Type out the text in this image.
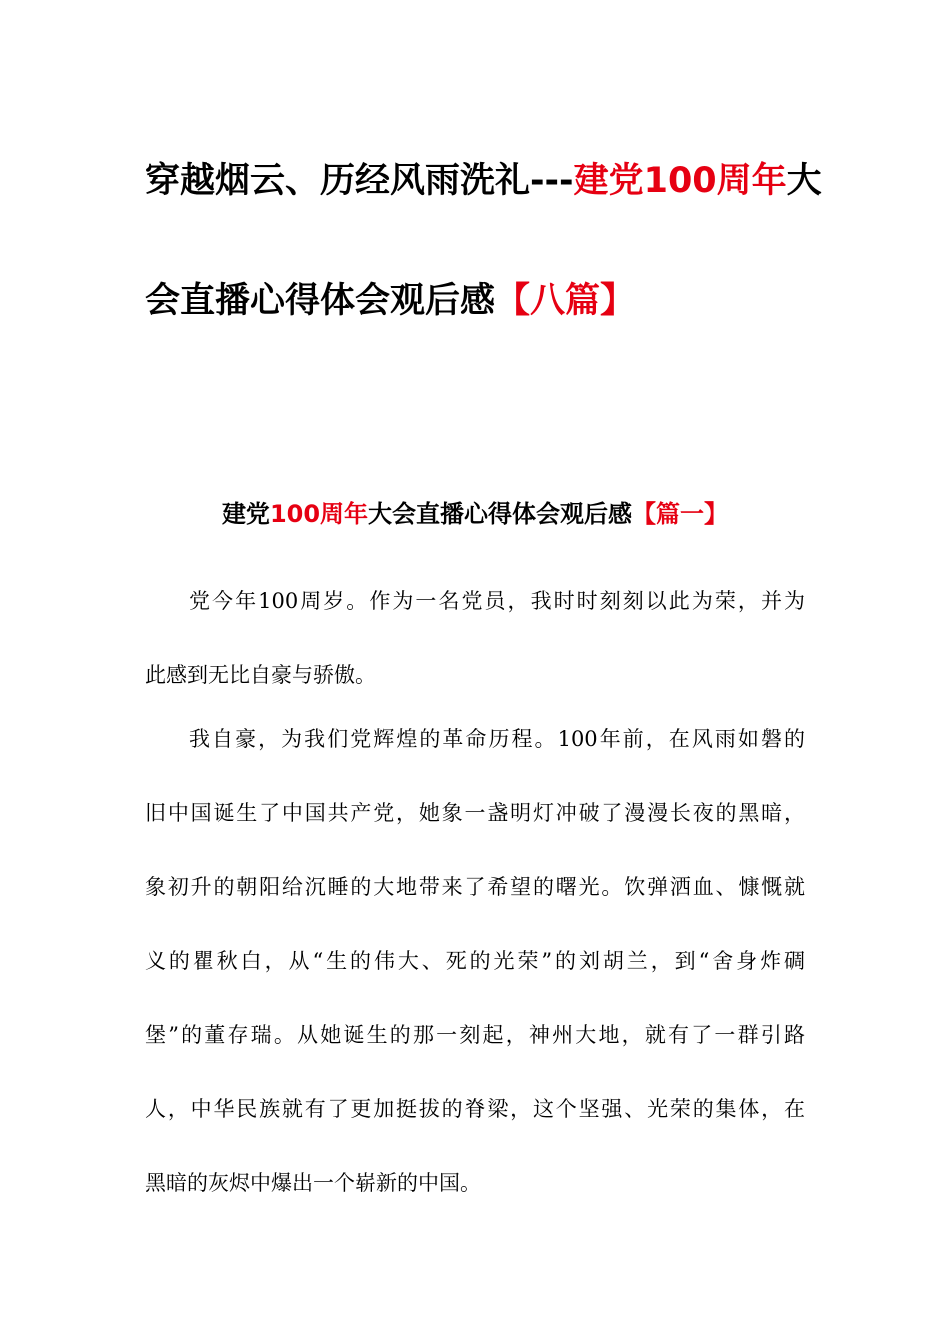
穿越烟云、历经风雨洗礼---建党100周年大
会直播心得体会观后感【八篇】
建党100周年大会直播心得体会观后感【篇一】
党今年100周岁。作为一名党员，我时时刻刻以此为荣，并为
此感到无比自豪与骄傲。
我自豪，为我们党辉煌的革命历程。100年前，在风雨如磐的
旧中国诞生了中国共产党，她象一盏明灯冲破了漫漫长夜的黑暗，
象初升的朝阳给沉睡的大地带来了希望的曙光。饮弹洒血、慷慨就
义的瞿秋白，从“生的伟大、死的光荣”的刘胡兰，到“舍身炸碉
堡”的董存瑞。从她诞生的那一刻起，神州大地，就有了一群引路
人，中华民族就有了更加挺拔的脊梁，这个坚强、光荣的集体，在
黑暗的灰烬中爆出一个崭新的中国。
